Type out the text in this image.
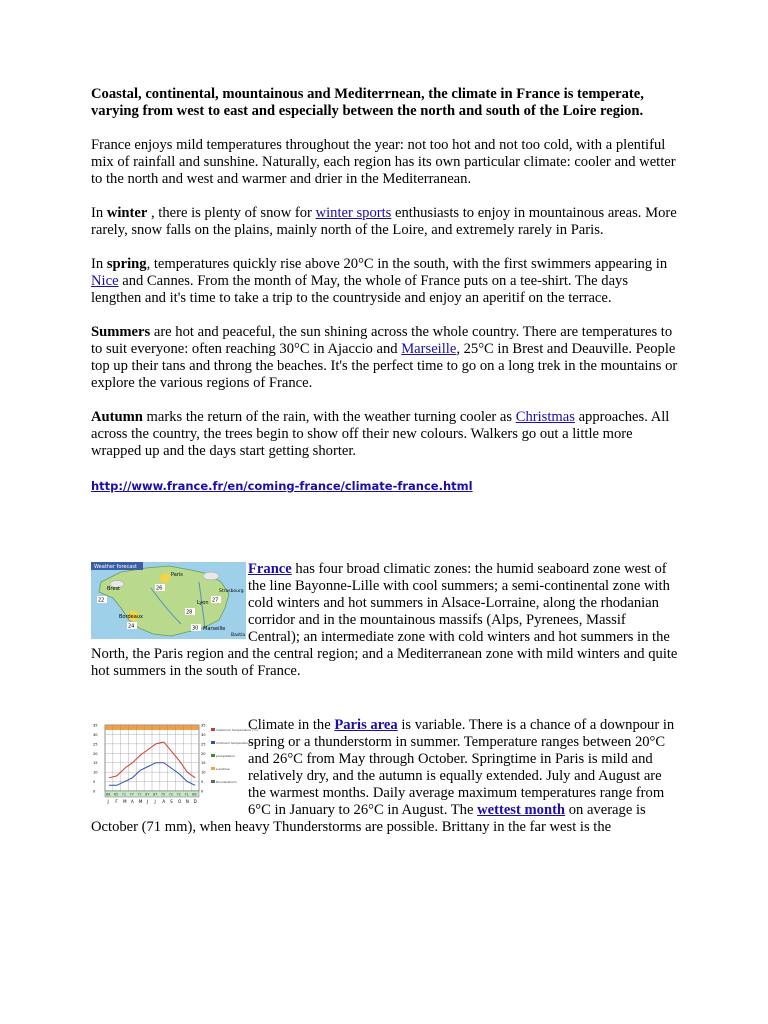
Coastal, continental, mountainous and Mediterrnean, the climate in France is temperate, varying from west to east and especially between the north and south of the Loire region.

France enjoys mild temperatures throughout the year: not too hot and not too cold, with a plentiful mix of rainfall and sunshine. Naturally, each region has its own particular climate: cooler and wetter to the north and west and warmer and drier in the Mediterranean.

In winter , there is plenty of snow for winter sports enthusiasts to enjoy in mountainous areas. More rarely, snow falls on the plains, mainly north of the Loire, and extremely rarely in Paris.

In spring, temperatures quickly rise above 20°C in the south, with the first swimmers appearing in Nice and Cannes. From the month of May, the whole of France puts on a tee-shirt. The days lengthen and it's time to take a trip to the countryside and enjoy an aperitif on the terrace.

Summers are hot and peaceful, the sun shining across the whole country. There are temperatures to to suit everyone: often reaching 30°C in Ajaccio and Marseille, 25°C in Brest and Deauville. People top up their tans and throng the beaches. It's the perfect time to go on a long trek in the mountains or explore the various regions of France.

Autumn marks the return of the rain, with the weather turning cooler as Christmas approaches. All across the country, the trees begin to show off their new colours. Walkers go out a little more wrapped up and the days start getting shorter.

http://www.france.fr/en/coming-france/climate-france.html

Weather forecast
Paris
Brest	Strasbourg
Lyon
Bordeaux
Marseille
Bastia
22
26
27
28
24	30

France has four broad climatic zones: the humid seaboard zone west of the line Bayonne-Lille with cool summers; a semi-continental zone with cold winters and hot summers in Alsace-Lorraine, along the rhodanian corridor and in the mountainous massifs (Alps, Pyrenees, Massif Central); an intermediate zone with cold winters and hot summers in the North, the Paris region and the central region; and a Mediterranean zone with mild winters and quite hot summers in the south of France.

35	35
30	30
25	25
20	20
15	15
10	10
5	5
0	0
68 65 71 77 77 67 67 75 72 72 71 68
J F M A M J J A S O N D
maximum temperature (°C)
minimum temperature (°C)
precipitation
sunshine
thunderstorm

Climate in the Paris area is variable. There is a chance of a downpour in spring or a thunderstorm in summer. Temperature ranges between 20°C and 26°C from May through October. Springtime in Paris is mild and relatively dry, and the autumn is equally extended. July and August are the warmest months. Daily average maximum temperatures range from 6°C in January to 26°C in August. The wettest month on average is October (71 mm), when heavy Thunderstorms are possible. Brittany in the far west is the
